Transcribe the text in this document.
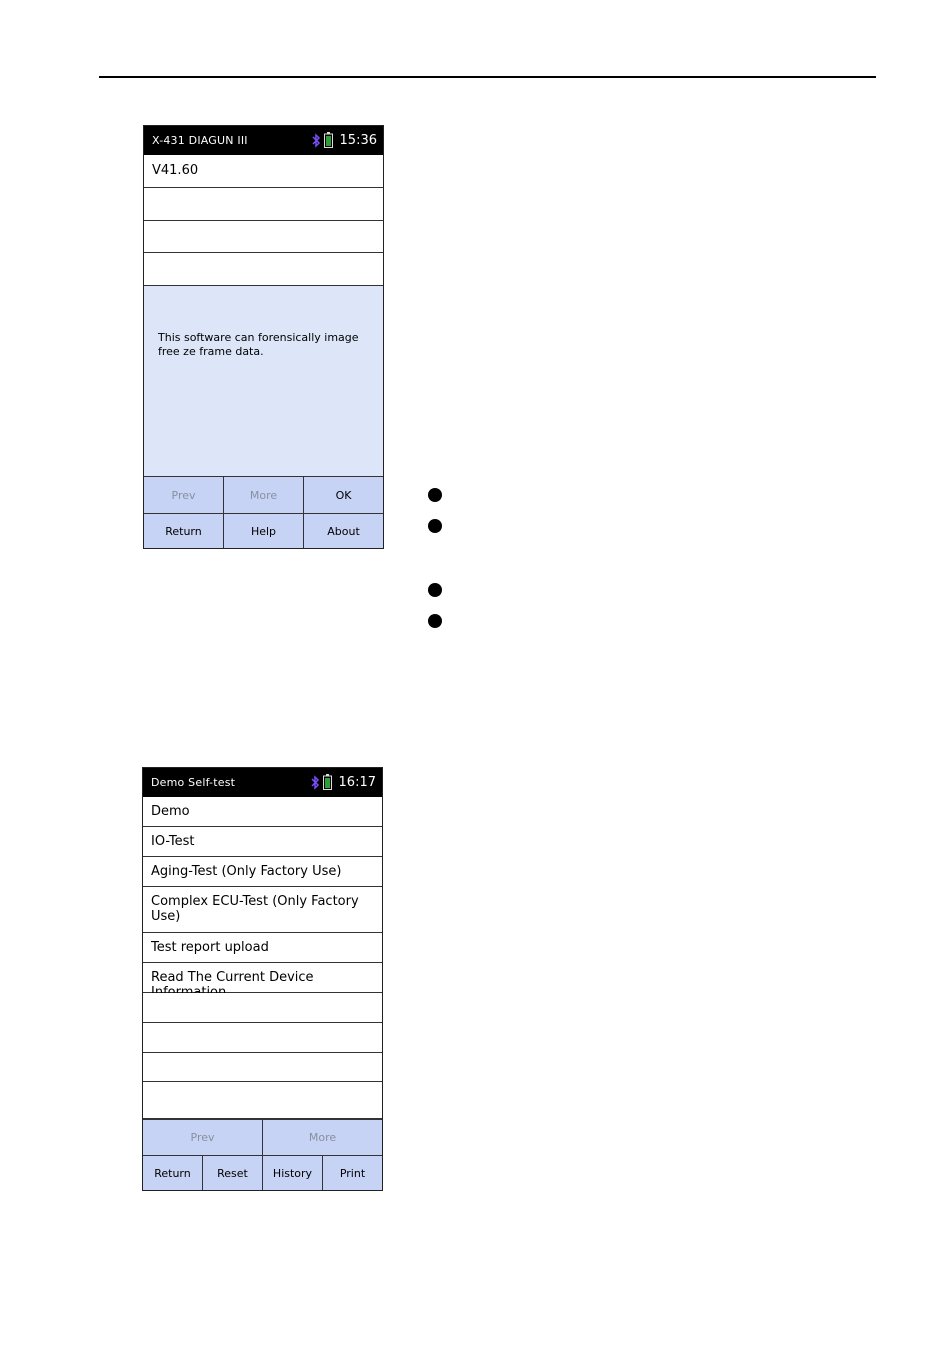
X-431 DIAGUN III	15:36
V41.60
This software can forensically image free ze frame data.
Prev	More	OK
Return	Help	About
Demo Self-test	16:17
Demo
IO-Test
Aging-Test (Only Factory Use)
Complex ECU-Test (Only Factory Use)
Test report upload
Read The Current Device
Prev	More
Return	Reset	History	Print
